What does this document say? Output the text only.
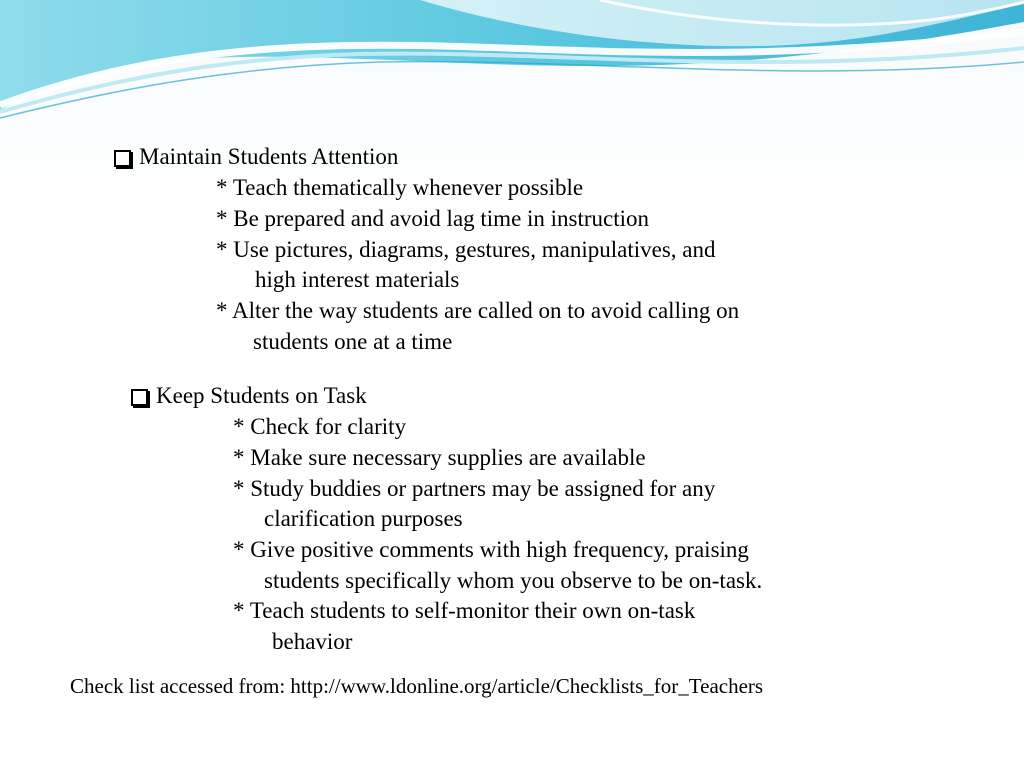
Maintain Students Attention
* Teach thematically whenever possible
* Be prepared and avoid lag time in instruction
* Use pictures, diagrams, gestures, manipulatives, and
high interest materials
* Alter the way students are called on to avoid calling on
students one at a time
Keep Students on Task
* Check for clarity
* Make sure necessary supplies are available
* Study buddies or partners may be assigned for any
clarification purposes
* Give positive comments with high frequency, praising
students specifically whom you observe to be on-task.
* Teach students to self-monitor their own on-task
behavior
Check list accessed from: http://www.ldonline.org/article/Checklists_for_Teachers
